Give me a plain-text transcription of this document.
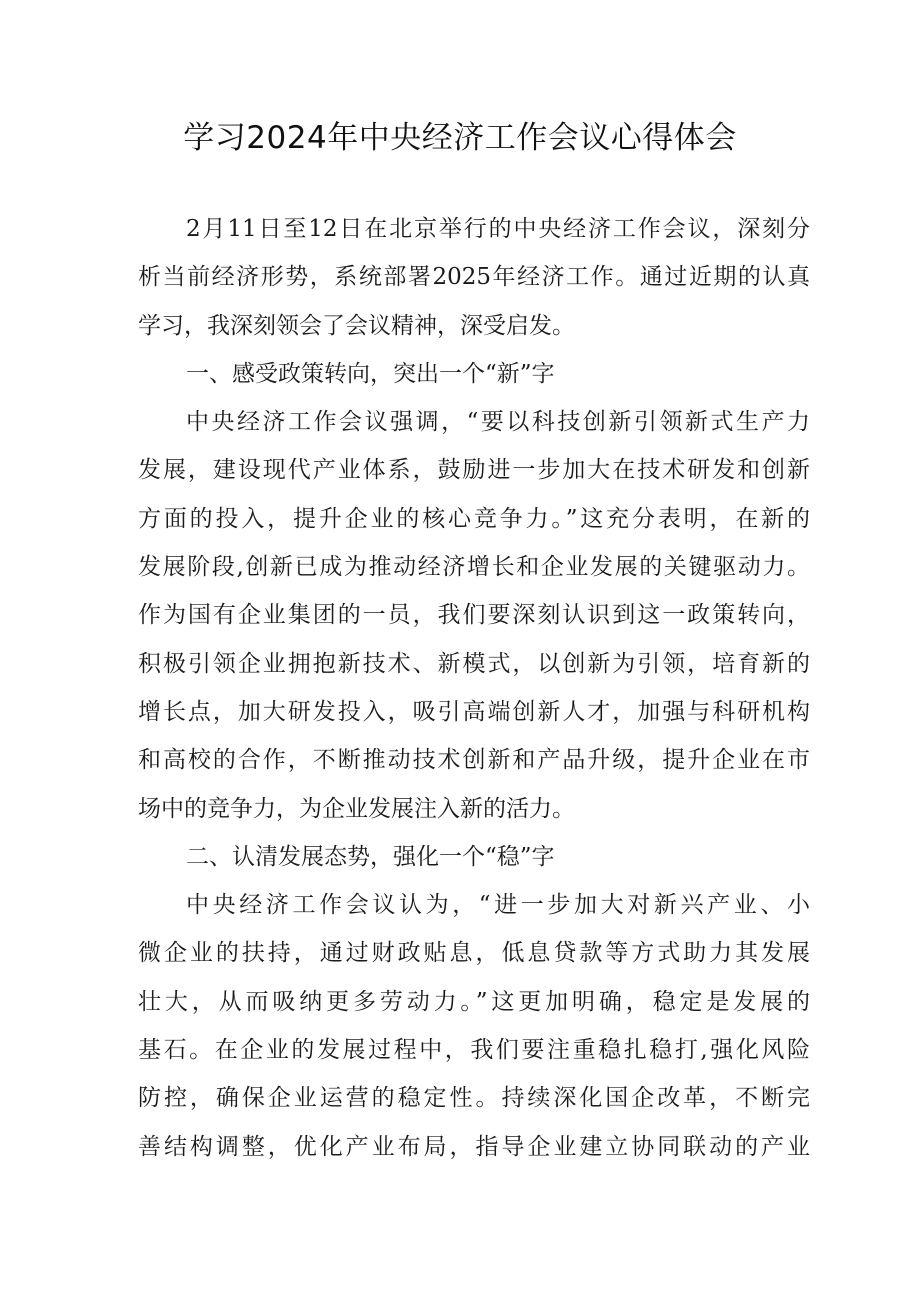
学习2024年中央经济工作会议心得体会
2月11日至12日在北京举行的中央经济工作会议，深刻分
析当前经济形势，系统部署2025年经济工作。通过近期的认真
学习，我深刻领会了会议精神，深受启发。
一、感受政策转向，突出一个“新”字
中央经济工作会议强调，“要以科技创新引领新式生产力
发展，建设现代产业体系，鼓励进一步加大在技术研发和创新
方面的投入，提升企业的核心竞争力。”这充分表明，在新的
发展阶段,创新已成为推动经济增长和企业发展的关键驱动力。
作为国有企业集团的一员，我们要深刻认识到这一政策转向，
积极引领企业拥抱新技术、新模式，以创新为引领，培育新的
增长点，加大研发投入，吸引高端创新人才，加强与科研机构
和高校的合作，不断推动技术创新和产品升级，提升企业在市
场中的竞争力，为企业发展注入新的活力。
二、认清发展态势，强化一个“稳”字
中央经济工作会议认为，“进一步加大对新兴产业、小
微企业的扶持，通过财政贴息，低息贷款等方式助力其发展
壮大，从而吸纳更多劳动力。”这更加明确，稳定是发展的
基石。在企业的发展过程中，我们要注重稳扎稳打,强化风险
防控，确保企业运营的稳定性。持续深化国企改革，不断完
善结构调整，优化产业布局，指导企业建立协同联动的产业
